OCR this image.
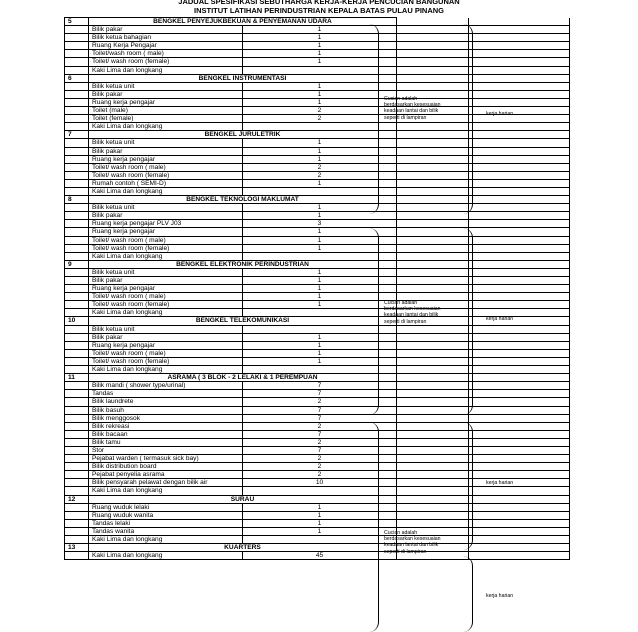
JADUAL SPESIFIKASI SEBUTHARGA KERJA-KERJA PENCUCIAN BANGUNAN
INSTITUT LATIHAN PERINDUSTRIAN KEPALA BATAS PULAU PINANG
5	BENGKEL PENYEJUKBEKUAN & PENYEMANAN UDARA			
	Bilik pakar	1		
	Bilik ketua bahagian	1		
	Ruang Kerja Pengajar	1		
	Toilet/wash room ( male)	1		
	Toilet/ wash room (female)	1		
	Kaki Lima dan longkang			
6	BENGKEL INSTRUMENTASI			
	Bilik ketua unit	1		
	Bilik pakar	1		
	Ruang kerja pengajar	1		
	Toilet (male)	2		
	Toilet (female)	2		
	Kaki Lima dan longkang			
7	BENGKEL JURULETRIK			
	Bilik ketua unit	1		
	Bilik pakar	1		
	Ruang kerja pengajar	1		
	Toilet/ wash room ( male)	2		
	Toilet/ wash room (female)	2		
	Rumah contoh ( SEMI-D)	1		
	Kaki Lima dan longkang			
8	BENGKEL TEKNOLOGI MAKLUMAT			
	Bilik ketua unit	1		
	Bilik pakar	1		
	Ruang kerja pengajar PLV J03	3		
	Ruang kerja pengajar	1		
	Toilet/ wash room ( male)	1		
	Toilet/ wash room (female)	1		
	Kaki Lima dan longkang			
9	BENGKEL ELEKTRONIK PERINDUSTRIAN			
	Bilik ketua unit	1		
	Bilik pakar	1		
	Ruang kerja pengajar	1		
	Toilet/ wash room ( male)	1		
	Toilet/ wash room (female)	1		
	Kaki Lima dan longkang			
10	BENGKEL TELEKOMUNIKASI			
	Bilik ketua unit			
	Bilik pakar	1		
	Ruang kerja pengajar	1		
	Toilet/ wash room ( male)	1		
	Toilet/ wash room (female)	1		
	Kaki Lima dan longkang			
11	ASRAMA ( 3 BLOK - 2 LELAKI & 1 PEREMPUAN			
	Bilik mandi ( shower type/urinal)	7		
	Tandas	7		
	Bilik laundrete	2		
	Bilik basuh	7		
	Bilik menggosok	7		
	Bilik rekreasi	2		
	Bilik bacaan	7		
	Bilik tamu	2		
	Stor	7		
	Pejabat warden ( termasuk sick bay)	2		
	Bilik distribution board	2		
	Pejabat penyelia asrama	2		
	Bilik pensyarah pelawat dengan bilik air	10		
	Kaki Lima dan longkang			
12	SURAU			
	Ruang wuduk lelaki	1		
	Ruang wuduk wanita	1		
	Tandas lelaki	1		
	Tandas wanita	1		
	Kaki Lima dan longkang			
13	KUARTERS			
	Kaki Lima dan longkang	45		
Cucian adalah berdasarkan kesesuaian keadaan lantai dan bilik seperti di lampiran
kerja harian
Cucian adalah berdasarkan kesesuaian keadaan lantai dan bilik seperti di lampiran	kerja harian
Cucian adalah berdasarkan kesesuaian keadaan lantai dan bilik seperti di lampiran
kerja harian
kerja harian
